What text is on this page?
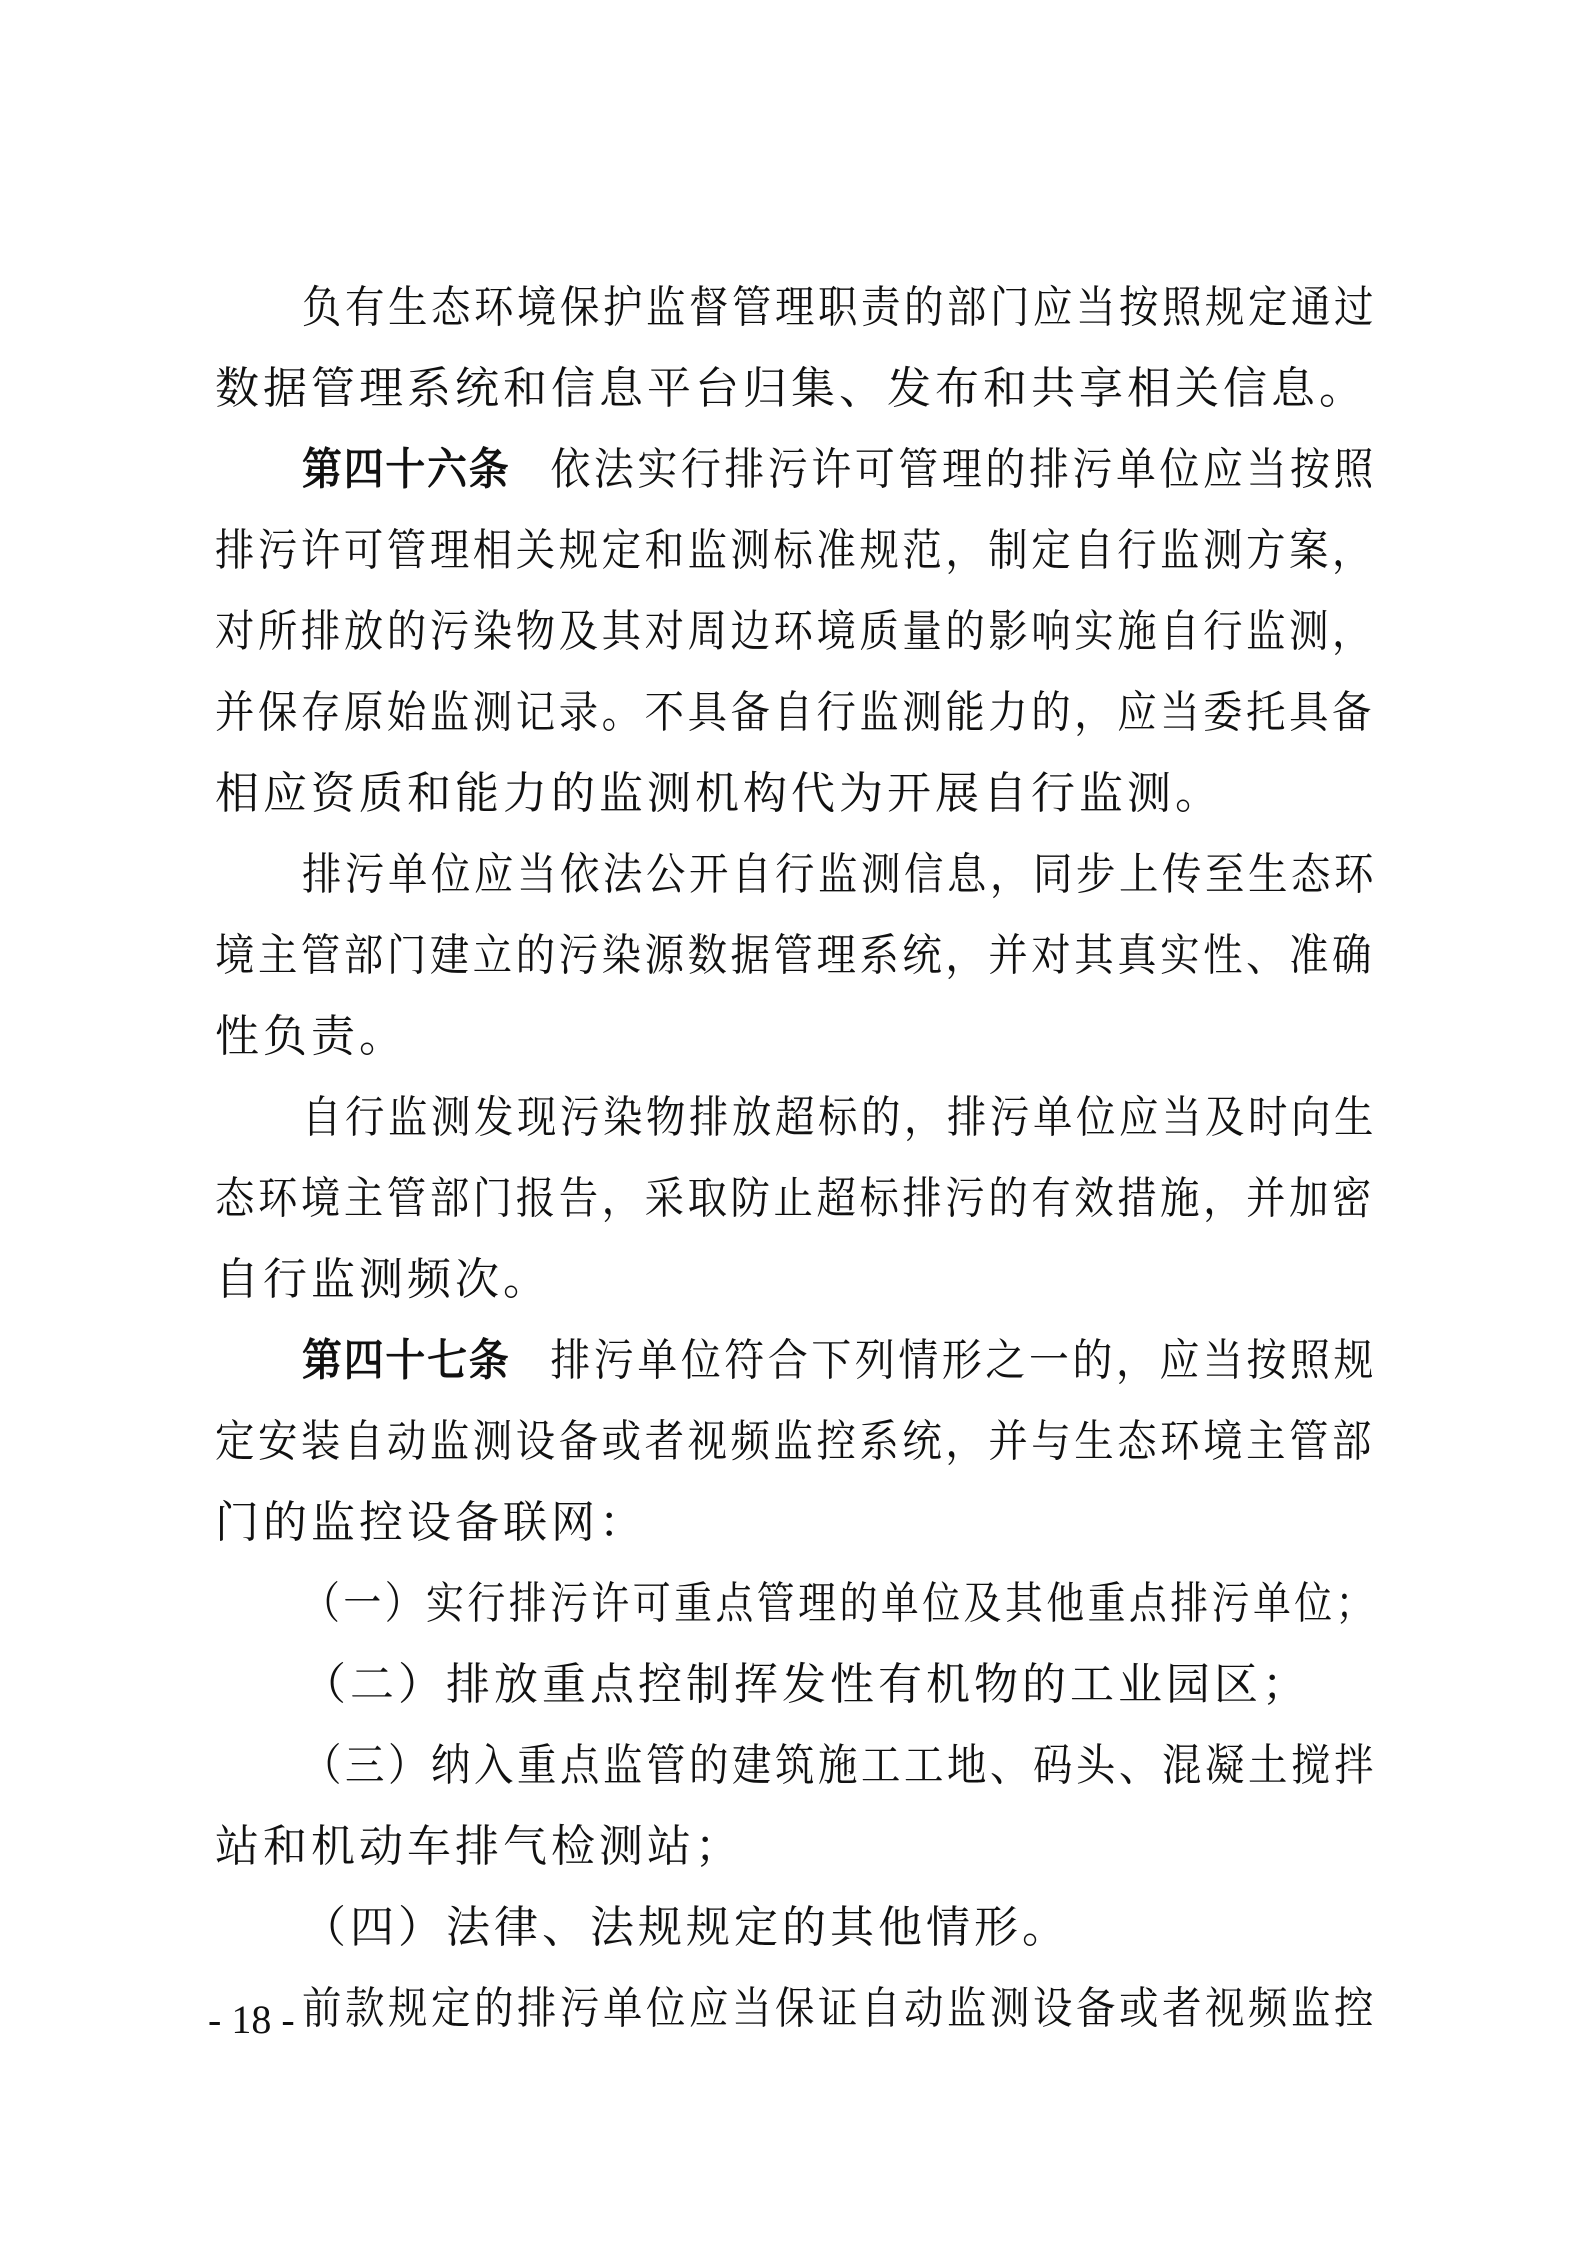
负有生态环境保护监督管理职责的部门应当按照规定通过
数据管理系统和信息平台归集、发布和共享相关信息。
第四十六条 依法实行排污许可管理的排污单位应当按照
排污许可管理相关规定和监测标准规范，制定自行监测方案，
对所排放的污染物及其对周边环境质量的影响实施自行监测，
并保存原始监测记录。不具备自行监测能力的，应当委托具备
相应资质和能力的监测机构代为开展自行监测。
排污单位应当依法公开自行监测信息，同步上传至生态环
境主管部门建立的污染源数据管理系统，并对其真实性、准确
性负责。
自行监测发现污染物排放超标的，排污单位应当及时向生
态环境主管部门报告，采取防止超标排污的有效措施，并加密
自行监测频次。
第四十七条 排污单位符合下列情形之一的，应当按照规
定安装自动监测设备或者视频监控系统，并与生态环境主管部
门的监控设备联网：
（一）实行排污许可重点管理的单位及其他重点排污单位；
（二）排放重点控制挥发性有机物的工业园区；
（三）纳入重点监管的建筑施工工地、码头、混凝土搅拌
站和机动车排气检测站；
（四）法律、法规规定的其他情形。
前款规定的排污单位应当保证自动监测设备或者视频监控
- 18 -
